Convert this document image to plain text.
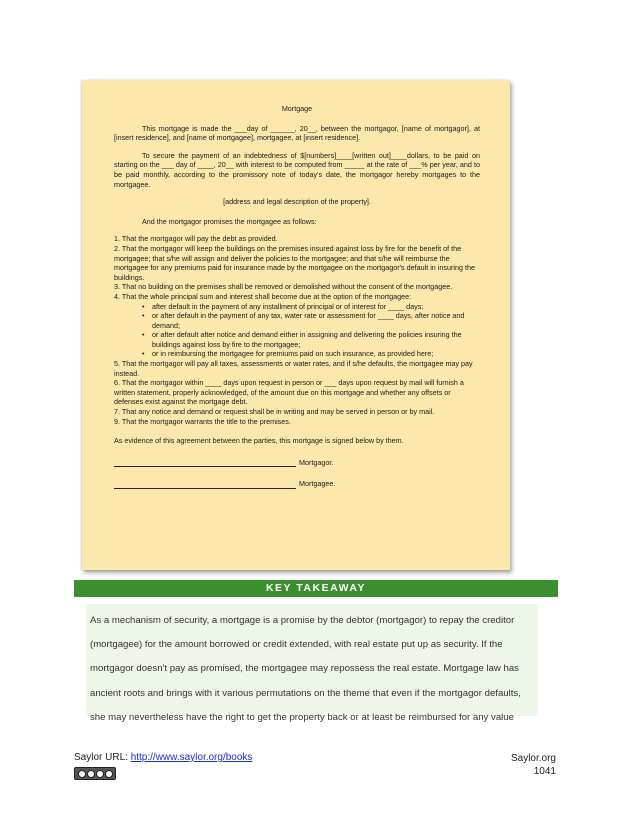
Mortgage

This mortgage is made the ___day of ______, 20__, between the mortgagor, [name of mortgagor], at [insert residence], and [name of mortgagee], mortgagee, at [insert residence].

To secure the payment of an indebtedness of $[numbers]____[written out]____dollars, to be paid on starting on the ___ day of ____, 20__ with interest to be computed from _____ at the rate of ___% per year, and to be paid monthly, according to the promissory note of today's date, the mortgagor hereby mortgages to the mortgagee.

[address and legal description of the property].

And the mortgagor promises the mortgagee as follows:

1. That the mortgagor will pay the debt as provided.
2. That the mortgagor will keep the buildings on the premises insured against loss by fire for the benefit of the mortgagee; that s/he will assign and deliver the policies to the mortgagee; and that s/he will reimburse the mortgagee for any premiums paid for insurance made by the mortgagee on the mortgagor's default in insuring the buildings.
3. That no building on the premises shall be removed or demolished without the consent of the mortgagee.
4. That the whole principal sum and interest shall become due at the option of the mortgagee:
• after default in the payment of any installment of principal or of interest for ____ days;
• or after default in the payment of any tax, water rate or assessment for ____ days, after notice and demand;
• or after default after notice and demand either in assigning and delivering the policies insuring the buildings against loss by fire to the mortgagee;
• or in reimbursing the mortgagee for premiums paid on such insurance, as provided here;
5. That the mortgagor will pay all taxes, assessments or water rates, and if s/he defaults, the mortgagee may pay instead.
6. That the mortgagor within ____ days upon request in person or ___ days upon request by mail will furnish a written statement, properly acknowledged, of the amount due on this mortgage and whether any offsets or defenses exist against the mortgage debt.
7. That any notice and demand or request shall be in writing and may be served in person or by mail.
9. That the mortgagor warrants the title to the premises.

As evidence of this agreement between the parties, this mortgage is signed below by them.

Mortgagor.
Mortgagee.
KEY TAKEAWAY
As a mechanism of security, a mortgage is a promise by the debtor (mortgagor) to repay the creditor (mortgagee) for the amount borrowed or credit extended, with real estate put up as security. If the mortgagor doesn't pay as promised, the mortgagee may repossess the real estate. Mortgage law has ancient roots and brings with it various permutations on the theme that even if the mortgagor defaults, she may nevertheless have the right to get the property back or at least be reimbursed for any value
Saylor URL: http://www.saylor.org/books	Saylor.org
1041
